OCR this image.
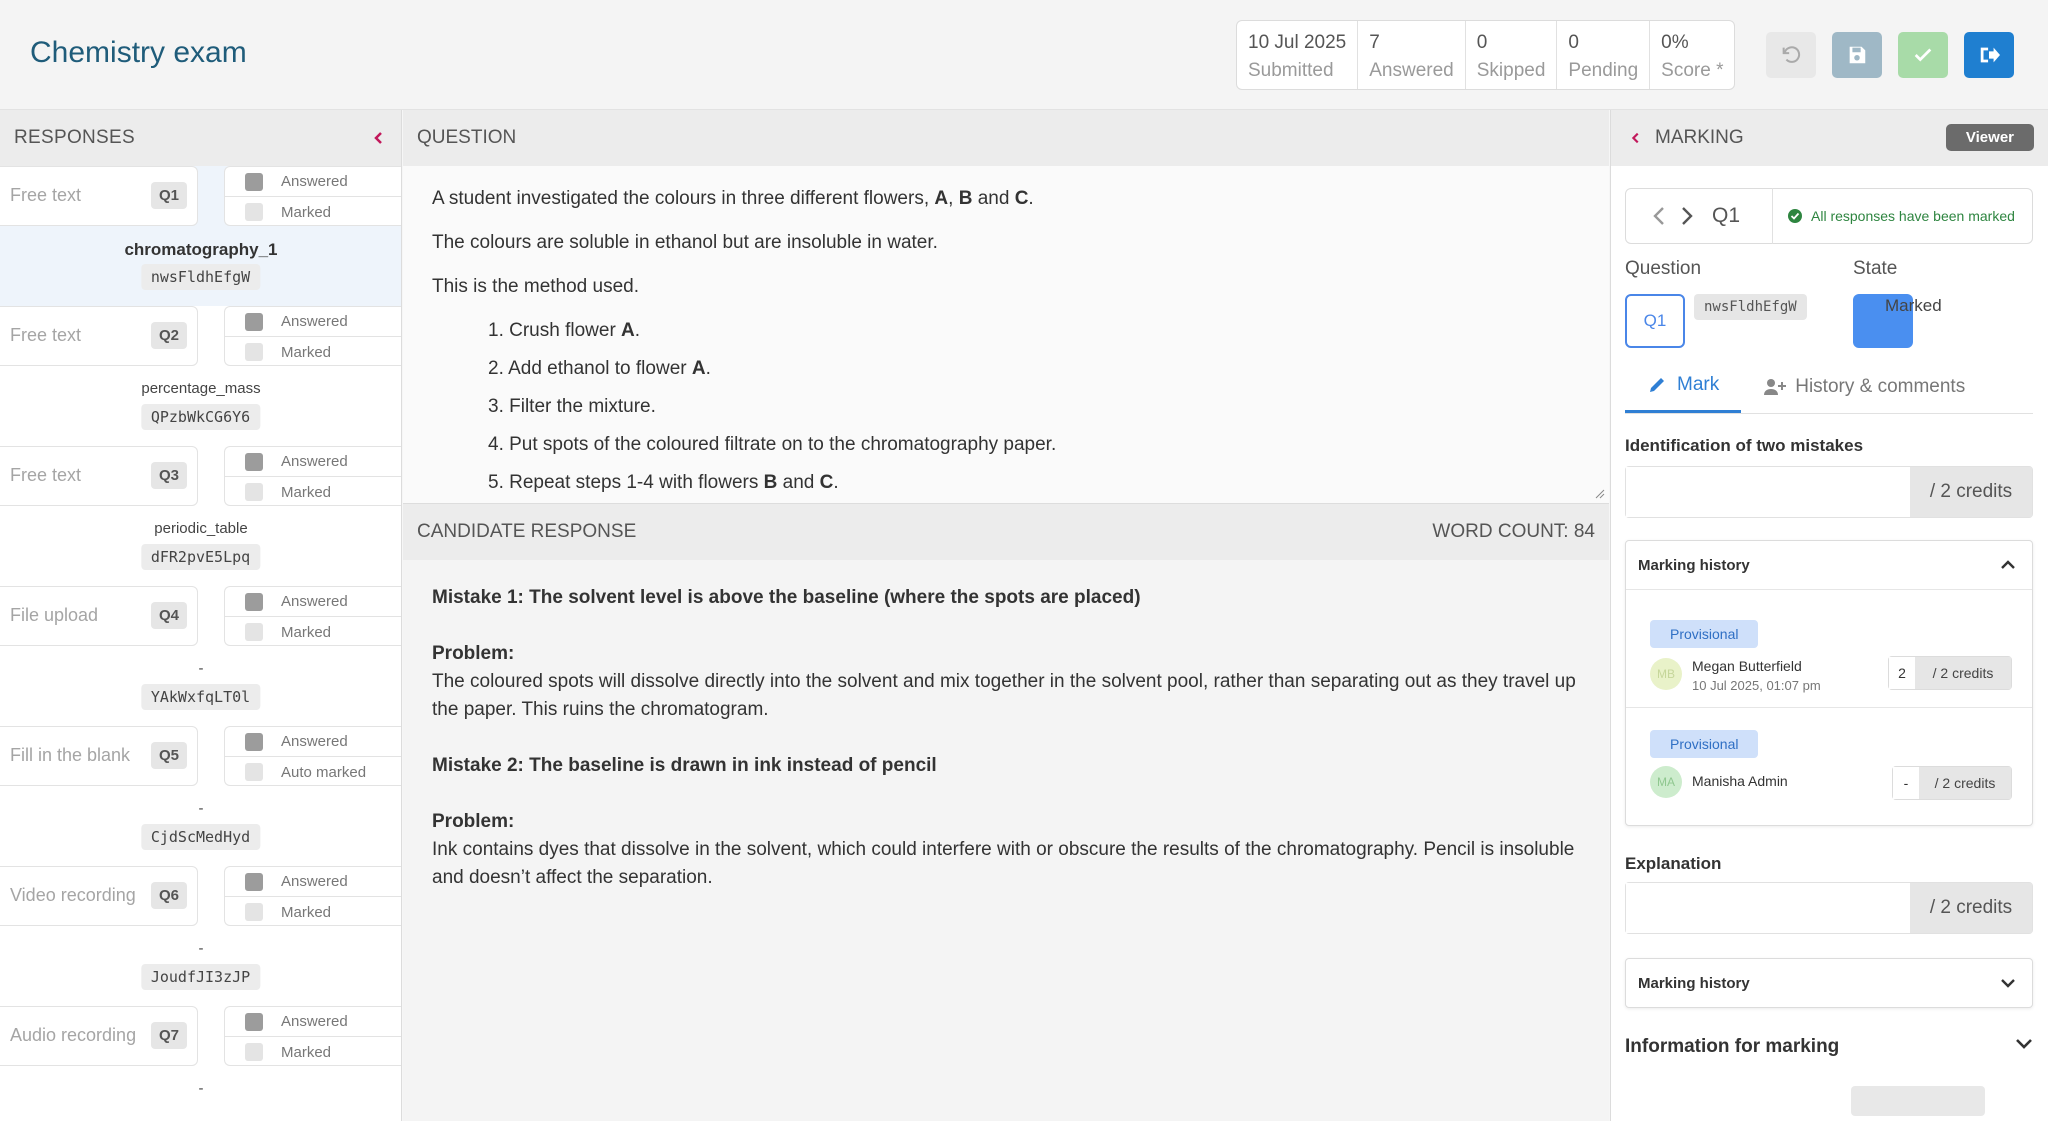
Chemistry exam	10 Jul 2025
Submitted
7
Answered
0
Skipped
0
Pending
0%
Score *
RESPONSES
Free text	Q1
Answered
Marked
chromatography_1
nwsFldhEfgW
Free text	Q2
Answered
Marked
percentage_mass
QPzbWkCG6Y6
Free text	Q3
Answered
Marked
periodic_table
dFR2pvE5Lpq
File upload	Q4
Answered
Marked
-
YAkWxfqLT0l
Fill in the blank	Q5
Answered
Auto marked
-
CjdScMedHyd
Video recording	Q6
Answered
Marked
-
JoudfJI3zJP
Audio recording	Q7
Answered
Marked
-
QUESTION

A student investigated the colours in three different flowers, A, B and C.

The colours are soluble in ethanol but are insoluble in water.

This is the method used.

1. Crush flower A.
2. Add ethanol to flower A.
3. Filter the mixture.
4. Put spots of the coloured filtrate on to the chromatography paper.
5. Repeat steps 1-4 with flowers B and C.
CANDIDATE RESPONSE	WORD COUNT: 84
Mistake 1: The solvent level is above the baseline (where the spots are placed)
Problem:
The coloured spots will dissolve directly into the solvent and mix together in the solvent pool, rather than separating out as they travel up the paper. This ruins the chromatogram.
Mistake 2: The baseline is drawn in ink instead of pencil
Problem:
Ink contains dyes that dissolve in the solvent, which could interfere with or obscure the results of the chromatography. Pencil is insoluble and doesn’t affect the separation.
MARKING	Viewer
Q1	All responses have been marked
Question	State
Q1
nwsFldhEfgW	Marked
Mark	History & comments
Identification of two mistakes
/ 2 credits
Marking history
Provisional
MB	Megan Butterfield
10 Jul 2025, 01:07 pm
2	/ 2 credits
Provisional
MA	Manisha Admin	-	/ 2 credits
Explanation
/ 2 credits
Marking history
Information for marking
